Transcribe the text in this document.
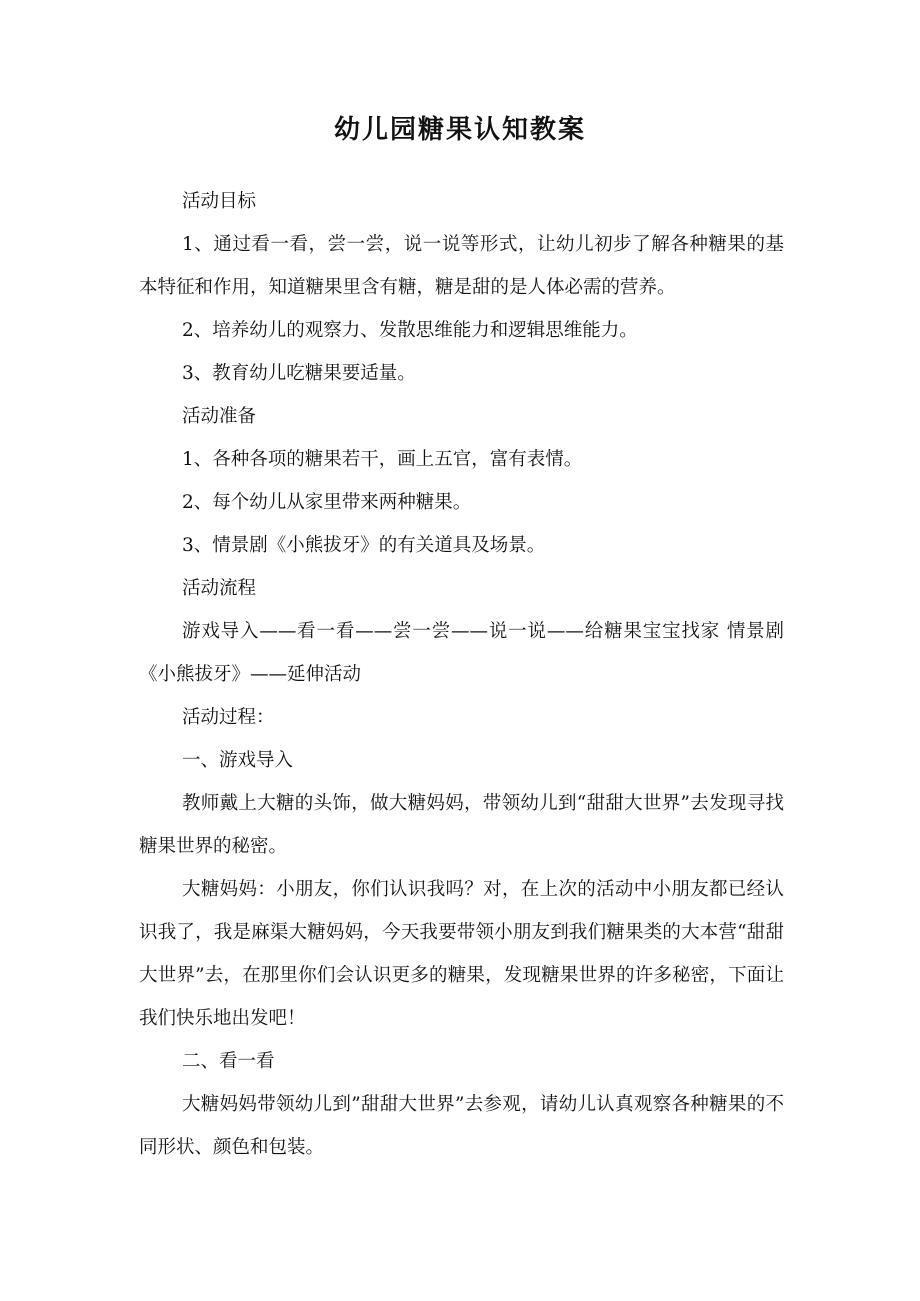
幼儿园糖果认知教案

活动目标

1、通过看一看，尝一尝，说一说等形式，让幼儿初步了解各种糖果的基本特征和作用，知道糖果里含有糖，糖是甜的是人体必需的营养。

2、培养幼儿的观察力、发散思维能力和逻辑思维能力。

3、教育幼儿吃糖果要适量。

活动准备

1、各种各项的糖果若干，画上五官，富有表情。

2、每个幼儿从家里带来两种糖果。

3、情景剧《小熊拔牙》的有关道具及场景。

活动流程

游戏导入——看一看——尝一尝——说一说——给糖果宝宝找家 情景剧《小熊拔牙》——延伸活动

活动过程：

一、游戏导入

教师戴上大糖的头饰，做大糖妈妈，带领幼儿到“甜甜大世界”去发现寻找糖果世界的秘密。

大糖妈妈：小朋友，你们认识我吗？对，在上次的活动中小朋友都已经认识我了，我是麻渠大糖妈妈，今天我要带领小朋友到我们糖果类的大本营“甜甜大世界”去，在那里你们会认识更多的糖果，发现糖果世界的许多秘密，下面让我们快乐地出发吧！

二、看一看

大糖妈妈带领幼儿到”甜甜大世界”去参观，请幼儿认真观察各种糖果的不同形状、颜色和包装。
